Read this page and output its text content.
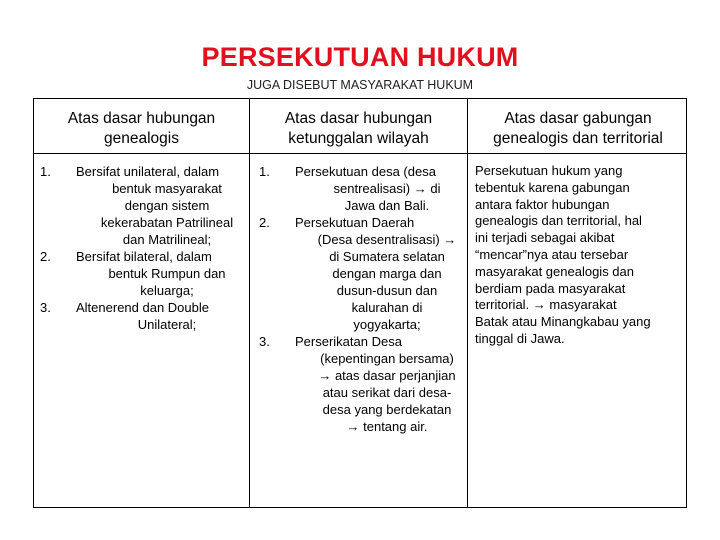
PERSEKUTUAN HUKUM
JUGA DISEBUT MASYARAKAT HUKUM
Atas dasar hubungan
genealogis
Atas dasar hubungan
ketunggalan wilayah
Atas dasar gabungan
genealogis dan territorial
1. Bersifat unilateral, dalam
bentuk masyarakat
dengan sistem
kekerabatan Patrilineal
dan Matrilineal;
2. Bersifat bilateral, dalam
bentuk Rumpun dan
keluarga;
3. Altenerend dan Double
Unilateral;
1. Persekutuan desa (desa
sentrealisasi) → di
Jawa dan Bali.
2. Persekutuan Daerah
(Desa desentralisasi) →
di Sumatera selatan
dengan marga dan
dusun-dusun dan
kalurahan di
yogyakarta;
3. Perserikatan Desa
(kepentingan bersama)
→ atas dasar perjanjian
atau serikat dari desa-
desa yang berdekatan
→ tentang air.
Persekutuan hukum yang
tebentuk karena gabungan
antara faktor hubungan
genealogis dan territorial, hal
ini terjadi sebagai akibat
“mencar”nya atau tersebar
masyarakat genealogis dan
berdiam pada masyarakat
territorial. → masyarakat
Batak atau Minangkabau yang
tinggal di Jawa.
